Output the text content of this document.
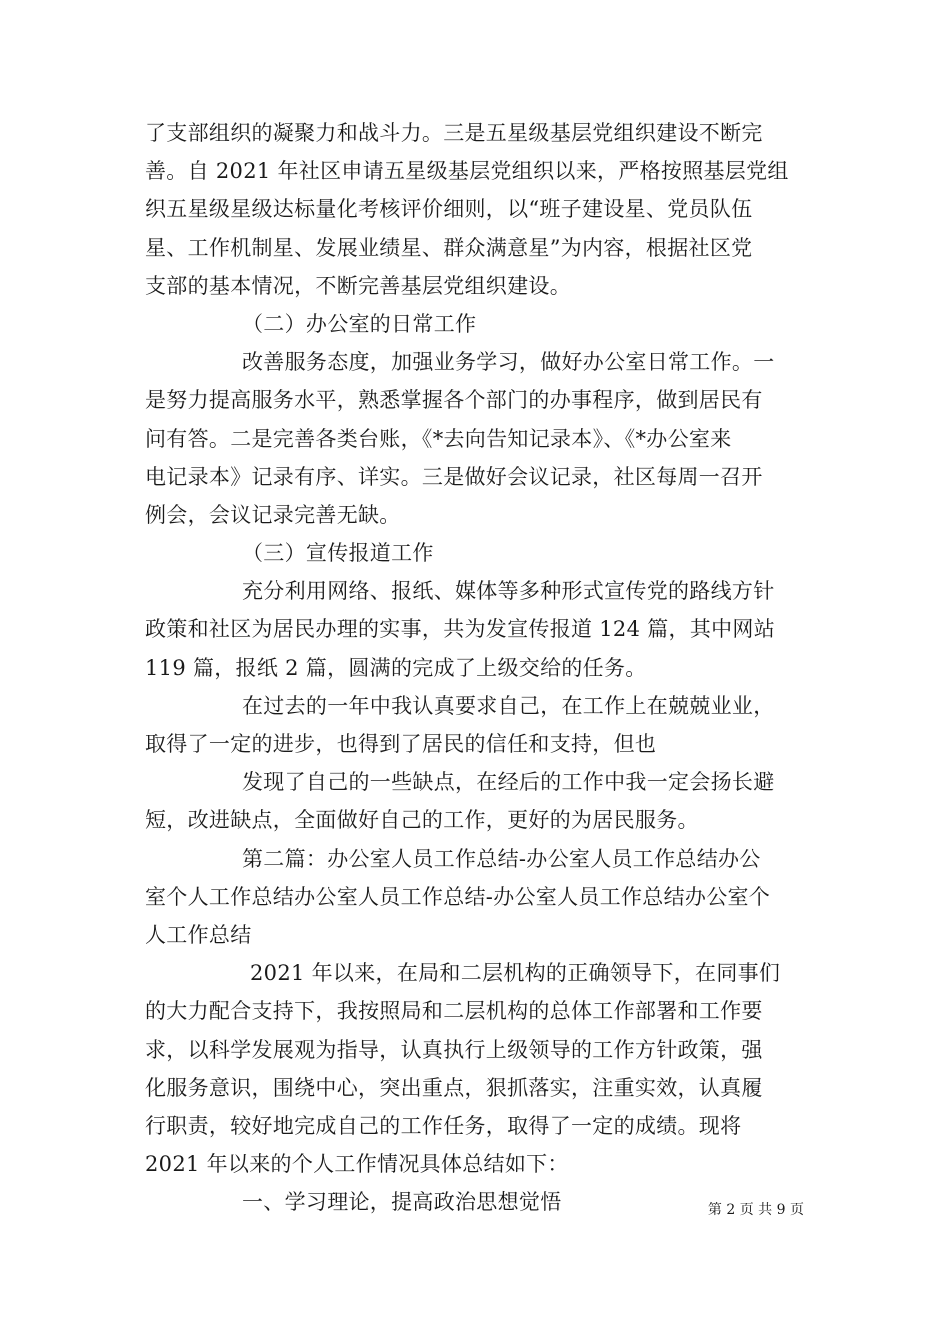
了支部组织的凝聚力和战斗力。三是五星级基层党组织建设不断完
善。自 2021 年社区申请五星级基层党组织以来，严格按照基层党组
织五星级星级达标量化考核评价细则，以“班子建设星、党员队伍
星、工作机制星、发展业绩星、群众满意星”为内容，根据社区党
支部的基本情况，不断完善基层党组织建设。
（二）办公室的日常工作
改善服务态度，加强业务学习，做好办公室日常工作。一
是努力提高服务水平，熟悉掌握各个部门的办事程序，做到居民有
问有答。二是完善各类台账，《*去向告知记录本》、《*办公室来
电记录本》记录有序、详实。三是做好会议记录，社区每周一召开
例会，会议记录完善无缺。
（三）宣传报道工作
充分利用网络、报纸、媒体等多种形式宣传党的路线方针
政策和社区为居民办理的实事，共为发宣传报道 124 篇，其中网站
119 篇，报纸 2 篇，圆满的完成了上级交给的任务。
在过去的一年中我认真要求自己，在工作上在兢兢业业，
取得了一定的进步，也得到了居民的信任和支持，但也
发现了自己的一些缺点，在经后的工作中我一定会扬长避
短，改进缺点，全面做好自己的工作，更好的为居民服务。
第二篇：办公室人员工作总结-办公室人员工作总结办公
室个人工作总结办公室人员工作总结-办公室人员工作总结办公室个
人工作总结
2021 年以来，在局和二层机构的正确领导下，在同事们
的大力配合支持下，我按照局和二层机构的总体工作部署和工作要
求，以科学发展观为指导，认真执行上级领导的工作方针政策，强
化服务意识，围绕中心，突出重点，狠抓落实，注重实效，认真履
行职责，较好地完成自己的工作任务，取得了一定的成绩。现将
2021 年以来的个人工作情况具体总结如下：
一、学习理论，提高政治思想觉悟	第 2 页 共 9 页
